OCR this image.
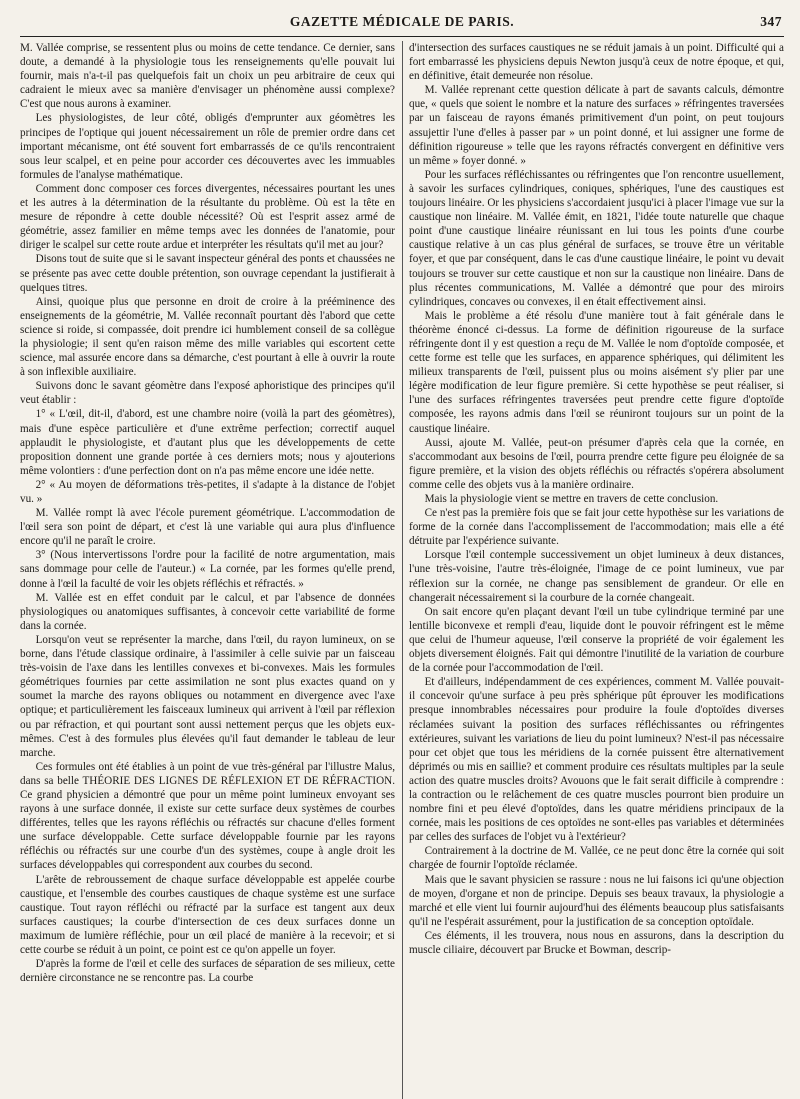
GAZETTE MÉDICALE DE PARIS.	347

M. Vallée comprise, se ressentent plus ou moins de cette tendance. Ce dernier, sans doute, a demandé à la physiologie tous les renseignements qu'elle pouvait lui fournir, mais n'a-t-il pas quelquefois fait un choix un peu arbitraire de ceux qui cadraient le mieux avec sa manière d'envisager un phénomène aussi complexe? C'est que nous aurons à examiner.

Les physiologistes, de leur côté, obligés d'emprunter aux géomètres les principes de l'optique qui jouent nécessairement un rôle de premier ordre dans cet important mécanisme, ont été souvent fort embarrassés de ce qu'ils rencontraient sous leur scalpel, et en peine pour accorder ces découvertes avec les immuables formules de l'analyse mathématique.

Comment donc composer ces forces divergentes, nécessaires pourtant les unes et les autres à la détermination de la résultante du problème. Où est la tête en mesure de répondre à cette double nécessité? Où est l'esprit assez armé de géométrie, assez familier en même temps avec les données de l'anatomie, pour diriger le scalpel sur cette route ardue et interpréter les résultats qu'il met au jour?

Disons tout de suite que si le savant inspecteur général des ponts et chaussées ne se présente pas avec cette double prétention, son ouvrage cependant la justifierait à quelques titres.

Ainsi, quoique plus que personne en droit de croire à la prééminence des enseignements de la géométrie, M. Vallée reconnaît pourtant dès l'abord que cette science si roide, si compassée, doit prendre ici humblement conseil de sa collègue la physiologie; il sent qu'en raison même des mille variables qui escortent cette science, mal assurée encore dans sa démarche, c'est pourtant à elle à ouvrir la route à son inflexible auxiliaire.

Suivons donc le savant géomètre dans l'exposé aphoristique des principes qu'il veut établir :

1° « L'œil, dit-il, d'abord, est une chambre noire (voilà la part des géomètres), mais d'une espèce particulière et d'une extrême perfection; correctif auquel applaudit le physiologiste, et d'autant plus que les développements de cette proposition donnent une grande portée à ces derniers mots; nous y ajouterions même volontiers : d'une perfection dont on n'a pas même encore une idée nette.

2° « Au moyen de déformations très-petites, il s'adapte à la distance de l'objet vu. »

M. Vallée rompt là avec l'école purement géométrique. L'accommodation de l'œil sera son point de départ, et c'est là une variable qui aura plus d'influence encore qu'il ne paraît le croire.

3° (Nous intervertissons l'ordre pour la facilité de notre argumentation, mais sans dommage pour celle de l'auteur.) « La cornée, par les formes qu'elle prend, donne à l'œil la faculté de voir les objets réfléchis et réfractés. »

M. Vallée est en effet conduit par le calcul, et par l'absence de données physiologiques ou anatomiques suffisantes, à concevoir cette variabilité de forme dans la cornée.

Lorsqu'on veut se représenter la marche, dans l'œil, du rayon lumineux, on se borne, dans l'étude classique ordinaire, à l'assimiler à celle suivie par un faisceau très-voisin de l'axe dans les lentilles convexes et bi-convexes. Mais les formules géométriques fournies par cette assimilation ne sont plus exactes quand on y soumet la marche des rayons obliques ou notamment en divergence avec l'axe optique; et particulièrement les faisceaux lumineux qui arrivent à l'œil par réflexion ou par réfraction, et qui pourtant sont aussi nettement perçus que les objets eux-mêmes. C'est à des formules plus élevées qu'il faut demander le tableau de leur marche.

Ces formules ont été établies à un point de vue très-général par l'illustre Malus, dans sa belle THÉORIE DES LIGNES DE RÉFLEXION ET DE RÉFRACTION. Ce grand physicien a démontré que pour un même point lumineux envoyant ses rayons à une surface donnée, il existe sur cette surface deux systèmes de courbes différentes, telles que les rayons réfléchis ou réfractés sur chacune d'elles forment une surface développable. Cette surface développable fournie par les rayons réfléchis ou réfractés sur une courbe d'un des systèmes, coupe à angle droit les surfaces développables qui correspondent aux courbes du second.

L'arête de rebroussement de chaque surface développable est appelée courbe caustique, et l'ensemble des courbes caustiques de chaque système est une surface caustique. Tout rayon réfléchi ou réfracté par la surface est tangent aux deux surfaces caustiques; la courbe d'intersection de ces deux surfaces donne un maximum de lumière réfléchie, pour un œil placé de manière à la recevoir; et si cette courbe se réduit à un point, ce point est ce qu'on appelle un foyer.

D'après la forme de l'œil et celle des surfaces de séparation de ses milieux, cette dernière circonstance ne se rencontre pas. La courbe

d'intersection des surfaces caustiques ne se réduit jamais à un point. Difficulté qui a fort embarrassé les physiciens depuis Newton jusqu'à ceux de notre époque, et qui, en définitive, était demeurée non résolue.

M. Vallée reprenant cette question délicate à part de savants calculs, démontre que, « quels que soient le nombre et la nature des surfaces » réfringentes traversées par un faisceau de rayons émanés primitivement d'un point, on peut toujours assujettir l'une d'elles à passer par » un point donné, et lui assigner une forme de définition rigoureuse » telle que les rayons réfractés convergent en définitive vers un même » foyer donné. »

Pour les surfaces réfléchissantes ou réfringentes que l'on rencontre usuellement, à savoir les surfaces cylindriques, coniques, sphériques, l'une des caustiques est toujours linéaire. Or les physiciens s'accordaient jusqu'ici à placer l'image vue sur la caustique non linéaire. M. Vallée émit, en 1821, l'idée toute naturelle que chaque point d'une caustique linéaire réunissant en lui tous les points d'une courbe caustique relative à un cas plus général de surfaces, se trouve être un véritable foyer, et que par conséquent, dans le cas d'une caustique linéaire, le point vu devait toujours se trouver sur cette caustique et non sur la caustique non linéaire. Dans de plus récentes communications, M. Vallée a démontré que pour des miroirs cylindriques, concaves ou convexes, il en était effectivement ainsi.

Mais le problème a été résolu d'une manière tout à fait générale dans le théorème énoncé ci-dessus. La forme de définition rigoureuse de la surface réfringente dont il y est question a reçu de M. Vallée le nom d'optoïde composée, et cette forme est telle que les surfaces, en apparence sphériques, qui délimitent les milieux transparents de l'œil, puissent plus ou moins aisément s'y plier par une légère modification de leur figure première. Si cette hypothèse se peut réaliser, si l'une des surfaces réfringentes traversées peut prendre cette figure d'optoïde composée, les rayons admis dans l'œil se réuniront toujours sur un point de la caustique linéaire.

Aussi, ajoute M. Vallée, peut-on présumer d'après cela que la cornée, en s'accommodant aux besoins de l'œil, pourra prendre cette figure peu éloignée de sa figure première, et la vision des objets réfléchis ou réfractés s'opérera absolument comme celle des objets vus à la manière ordinaire.

Mais la physiologie vient se mettre en travers de cette conclusion.

Ce n'est pas la première fois que se fait jour cette hypothèse sur les variations de forme de la cornée dans l'accomplissement de l'accommodation; mais elle a été détruite par l'expérience suivante.

Lorsque l'œil contemple successivement un objet lumineux à deux distances, l'une très-voisine, l'autre très-éloignée, l'image de ce point lumineux, vue par réflexion sur la cornée, ne change pas sensiblement de grandeur. Or elle en changerait nécessairement si la courbure de la cornée changeait.

On sait encore qu'en plaçant devant l'œil un tube cylindrique terminé par une lentille biconvexe et rempli d'eau, liquide dont le pouvoir réfringent est le même que celui de l'humeur aqueuse, l'œil conserve la propriété de voir également les objets diversement éloignés. Fait qui démontre l'inutilité de la variation de courbure de la cornée pour l'accommodation de l'œil.

Et d'ailleurs, indépendamment de ces expériences, comment M. Vallée pouvait-il concevoir qu'une surface à peu près sphérique pût éprouver les modifications presque innombrables nécessaires pour produire la foule d'optoïdes diverses réclamées suivant la position des surfaces réfléchissantes ou réfringentes extérieures, suivant les variations de lieu du point lumineux? N'est-il pas nécessaire pour cet objet que tous les méridiens de la cornée puissent être alternativement déprimés ou mis en saillie? et comment produire ces résultats multiples par la seule action des quatre muscles droits? Avouons que le fait serait difficile à comprendre : la contraction ou le relâchement de ces quatre muscles pourront bien produire un nombre fini et peu élevé d'optoïdes, dans les quatre méridiens principaux de la cornée, mais les positions de ces optoïdes ne sont-elles pas variables et déterminées par celles des surfaces de l'objet vu à l'extérieur?

Contrairement à la doctrine de M. Vallée, ce ne peut donc être la cornée qui soit chargée de fournir l'optoïde réclamée.

Mais que le savant physicien se rassure : nous ne lui faisons ici qu'une objection de moyen, d'organe et non de principe. Depuis ses beaux travaux, la physiologie a marché et elle vient lui fournir aujourd'hui des éléments beaucoup plus satisfaisants qu'il ne l'espérait assurément, pour la justification de sa conception optoïdale.

Ces éléments, il les trouvera, nous nous en assurons, dans la description du muscle ciliaire, découvert par Brucke et Bowman, descrip-
